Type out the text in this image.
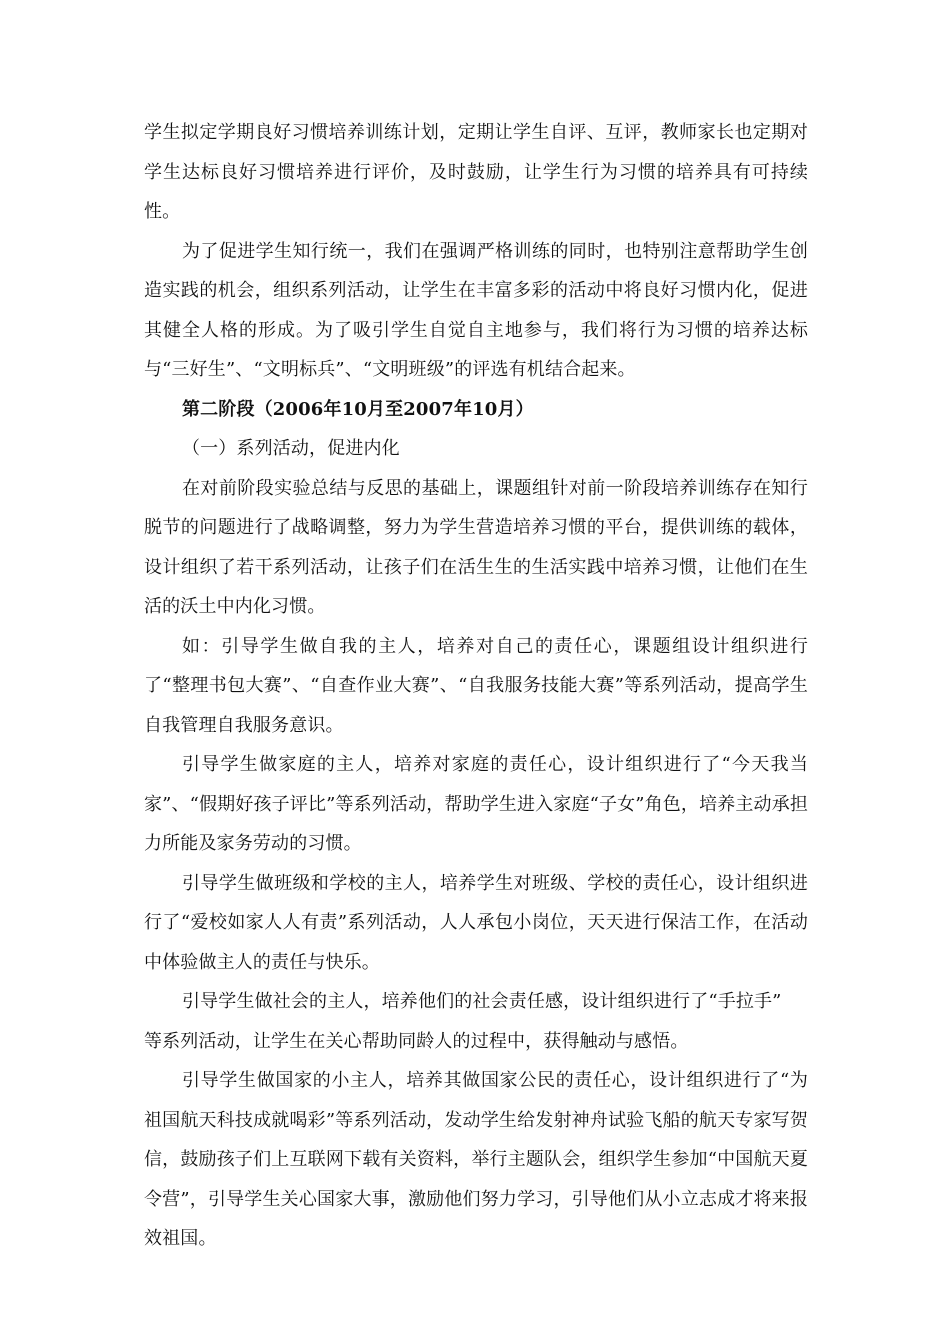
学生拟定学期良好习惯培养训练计划，定期让学生自评、互评，教师家长也定期对学生达标良好习惯培养进行评价，及时鼓励，让学生行为习惯的培养具有可持续性。

为了促进学生知行统一，我们在强调严格训练的同时，也特别注意帮助学生创造实践的机会，组织系列活动，让学生在丰富多彩的活动中将良好习惯内化，促进其健全人格的形成。为了吸引学生自觉自主地参与，我们将行为习惯的培养达标与“三好生”、“文明标兵”、“文明班级”的评选有机结合起来。

第二阶段（2006年10月至2007年10月）

（一）系列活动，促进内化

在对前阶段实验总结与反思的基础上，课题组针对前一阶段培养训练存在知行脱节的问题进行了战略调整，努力为学生营造培养习惯的平台，提供训练的载体，设计组织了若干系列活动，让孩子们在活生生的生活实践中培养习惯，让他们在生活的沃土中内化习惯。

如：引导学生做自我的主人，培养对自己的责任心，课题组设计组织进行了“整理书包大赛”、“自查作业大赛”、“自我服务技能大赛”等系列活动，提高学生自我管理自我服务意识。

引导学生做家庭的主人，培养对家庭的责任心，设计组织进行了“今天我当家”、“假期好孩子评比”等系列活动，帮助学生进入家庭“子女”角色，培养主动承担力所能及家务劳动的习惯。

引导学生做班级和学校的主人，培养学生对班级、学校的责任心，设计组织进行了“爱校如家人人有责”系列活动，人人承包小岗位，天天进行保洁工作，在活动中体验做主人的责任与快乐。

引导学生做社会的主人，培养他们的社会责任感，设计组织进行了“手拉手”

等系列活动，让学生在关心帮助同龄人的过程中，获得触动与感悟。

引导学生做国家的小主人，培养其做国家公民的责任心，设计组织进行了“为祖国航天科技成就喝彩”等系列活动，发动学生给发射神舟试验飞船的航天专家写贺信，鼓励孩子们上互联网下载有关资料，举行主题队会，组织学生参加“中国航天夏令营”，引导学生关心国家大事，激励他们努力学习，引导他们从小立志成才将来报效祖国。
